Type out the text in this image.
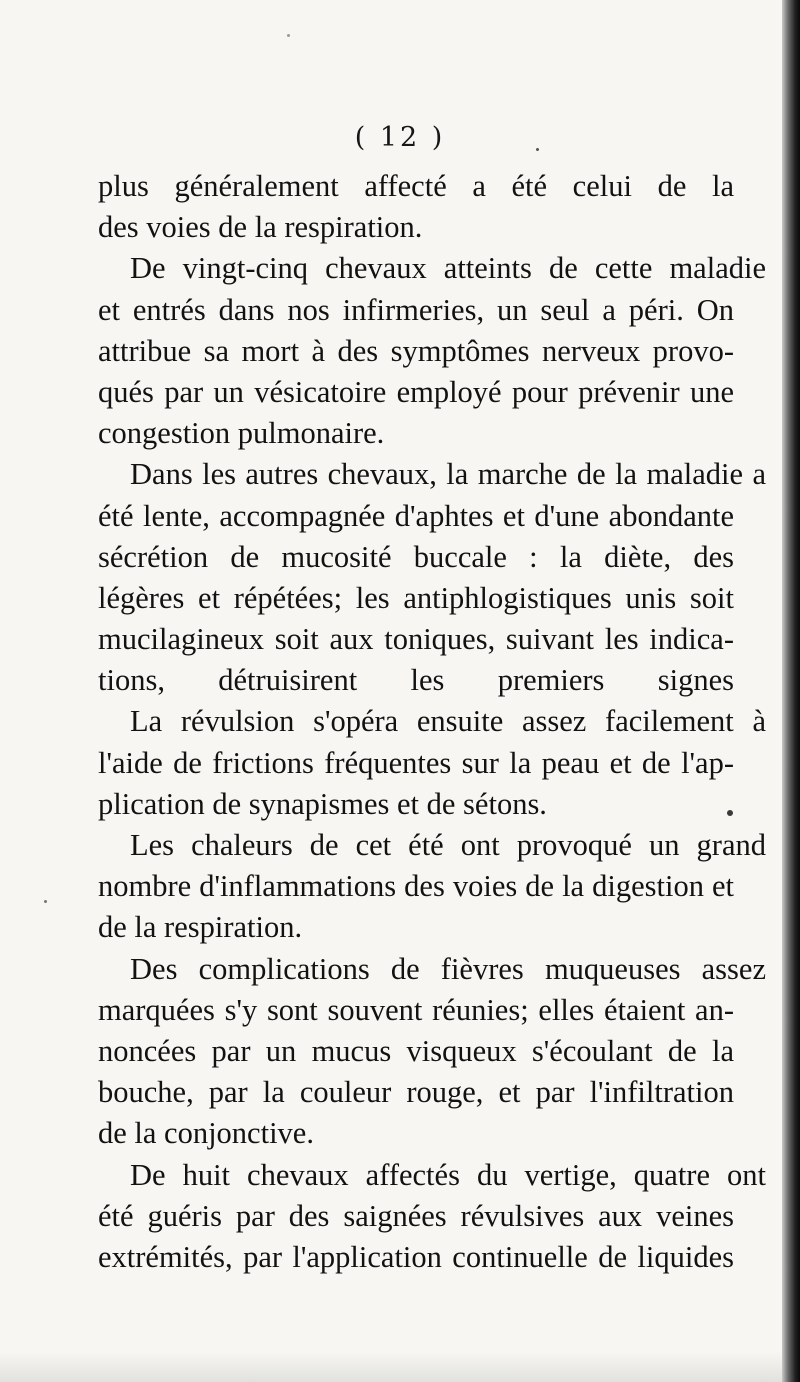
( 12 )
plus généralement affecté a été celui de la
des voies de la respiration.
De vingt-cinq chevaux atteints de cette maladie
et entrés dans nos infirmeries, un seul a péri. On
attribue sa mort à des symptômes nerveux provo-
qués par un vésicatoire employé pour prévenir une
congestion pulmonaire.
Dans les autres chevaux, la marche de la maladie a
été lente, accompagnée d'aphtes et d'une abondante
sécrétion de mucosité buccale : la diète, des
légères et répétées; les antiphlogistiques unis soit
mucilagineux soit aux toniques, suivant les indica-
tions, détruisirent les premiers signes
La révulsion s'opéra ensuite assez facilement à
l'aide de frictions fréquentes sur la peau et de l'ap-
plication de synapismes et de sétons.
Les chaleurs de cet été ont provoqué un grand
nombre d'inflammations des voies de la digestion et
de la respiration.
Des complications de fièvres muqueuses assez
marquées s'y sont souvent réunies; elles étaient an-
noncées par un mucus visqueux s'écoulant de la
bouche, par la couleur rouge, et par l'infiltration
de la conjonctive.
De huit chevaux affectés du vertige, quatre ont
été guéris par des saignées révulsives aux veines
extrémités, par l'application continuelle de liquides
